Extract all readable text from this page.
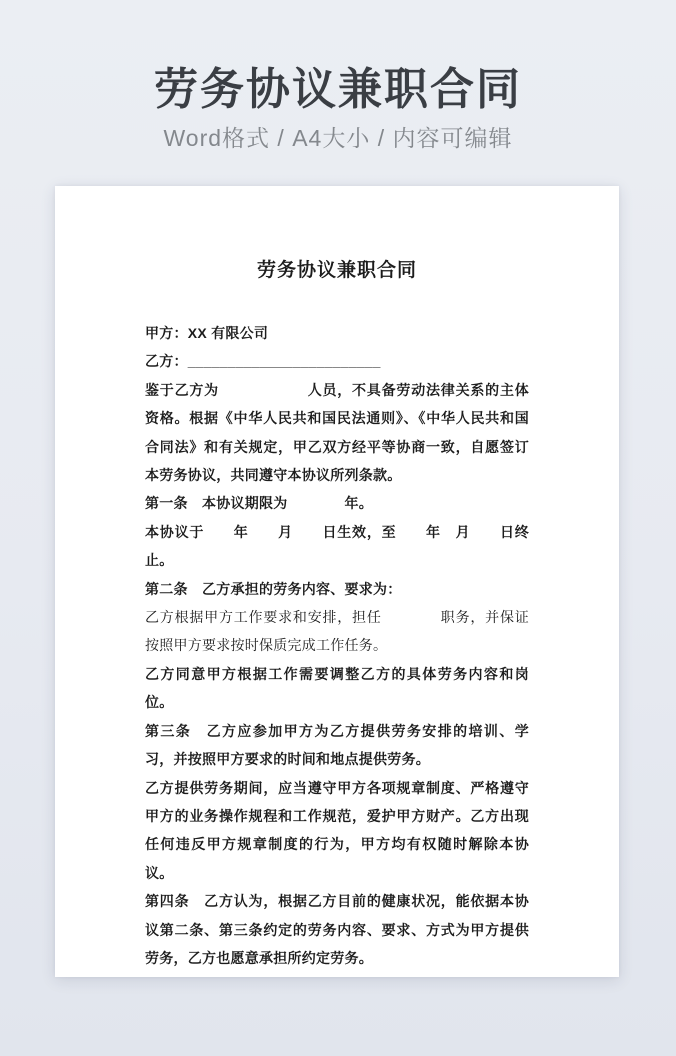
劳务协议兼职合同
Word格式 / A4大小 / 内容可编辑
劳务协议兼职合同

甲方：XX 有限公司

乙方：________________________

鉴于乙方为　　　　　　人员，不具备劳动法律关系的主体资格。根据《中华人民共和国民法通则》、《中华人民共和国合同法》和有关规定，甲乙双方经平等协商一致，自愿签订本劳务协议，共同遵守本协议所列条款。

第一条　本协议期限为　　　　年。

本协议于　　年　　月　　日生效，至　　年　月　　日终止。

第二条　乙方承担的劳务内容、要求为：

乙方根据甲方工作要求和安排，担任　　　　职务，并保证按照甲方要求按时保质完成工作任务。

乙方同意甲方根据工作需要调整乙方的具体劳务内容和岗位。

第三条　乙方应参加甲方为乙方提供劳务安排的培训、学习，并按照甲方要求的时间和地点提供劳务。

乙方提供劳务期间，应当遵守甲方各项规章制度、严格遵守甲方的业务操作规程和工作规范，爱护甲方财产。乙方出现任何违反甲方规章制度的行为，甲方均有权随时解除本协议。

第四条　乙方认为，根据乙方目前的健康状况，能依据本协议第二条、第三条约定的劳务内容、要求、方式为甲方提供劳务，乙方也愿意承担所约定劳务。
